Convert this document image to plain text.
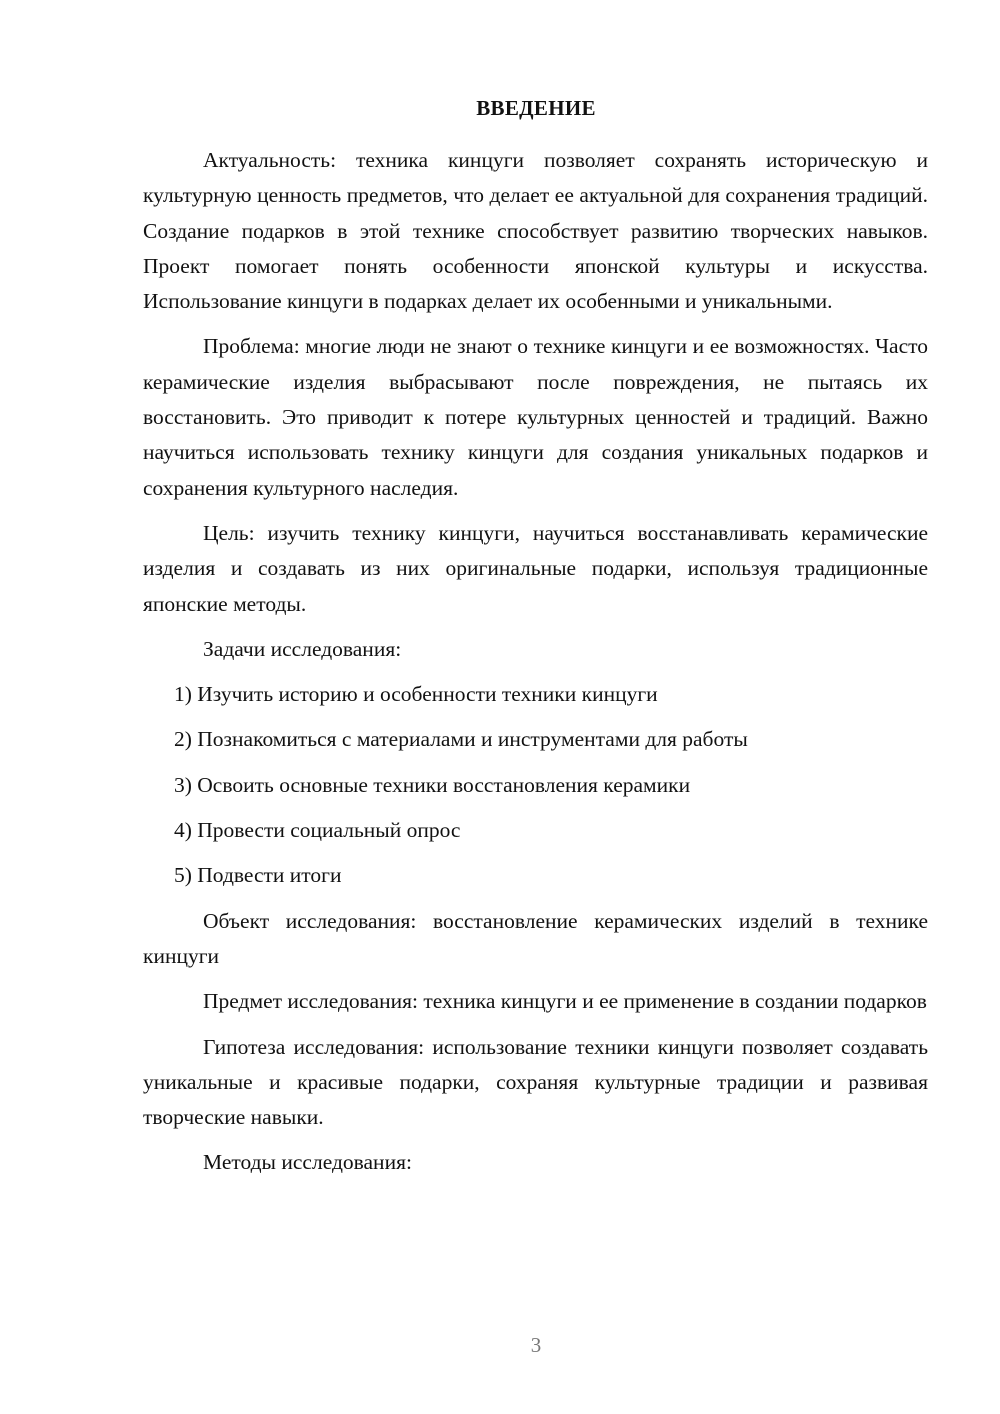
ВВЕДЕНИЕ

Актуальность: техника кинцуги позволяет сохранять историческую и культурную ценность предметов, что делает ее актуальной для сохранения традиций. Создание подарков в этой технике способствует развитию творческих навыков. Проект помогает понять особенности японской культуры и искусства. Использование кинцуги в подарках делает их особенными и уникальными.

Проблема: многие люди не знают о технике кинцуги и ее возможностях. Часто керамические изделия выбрасывают после повреждения, не пытаясь их восстановить. Это приводит к потере культурных ценностей и традиций. Важно научиться использовать технику кинцуги для создания уникальных подарков и сохранения культурного наследия.

Цель: изучить технику кинцуги, научиться восстанавливать керамические изделия и создавать из них оригинальные подарки, используя традиционные японские методы.

Задачи исследования:

1) Изучить историю и особенности техники кинцуги

2) Познакомиться с материалами и инструментами для работы

3) Освоить основные техники восстановления керамики

4) Провести социальный опрос

5) Подвести итоги

Объект исследования: восстановление керамических изделий в технике кинцуги

Предмет исследования: техника кинцуги и ее применение в создании подарков

Гипотеза исследования: использование техники кинцуги позволяет создавать уникальные и красивые подарки, сохраняя культурные традиции и развивая творческие навыки.

Методы исследования:

3
